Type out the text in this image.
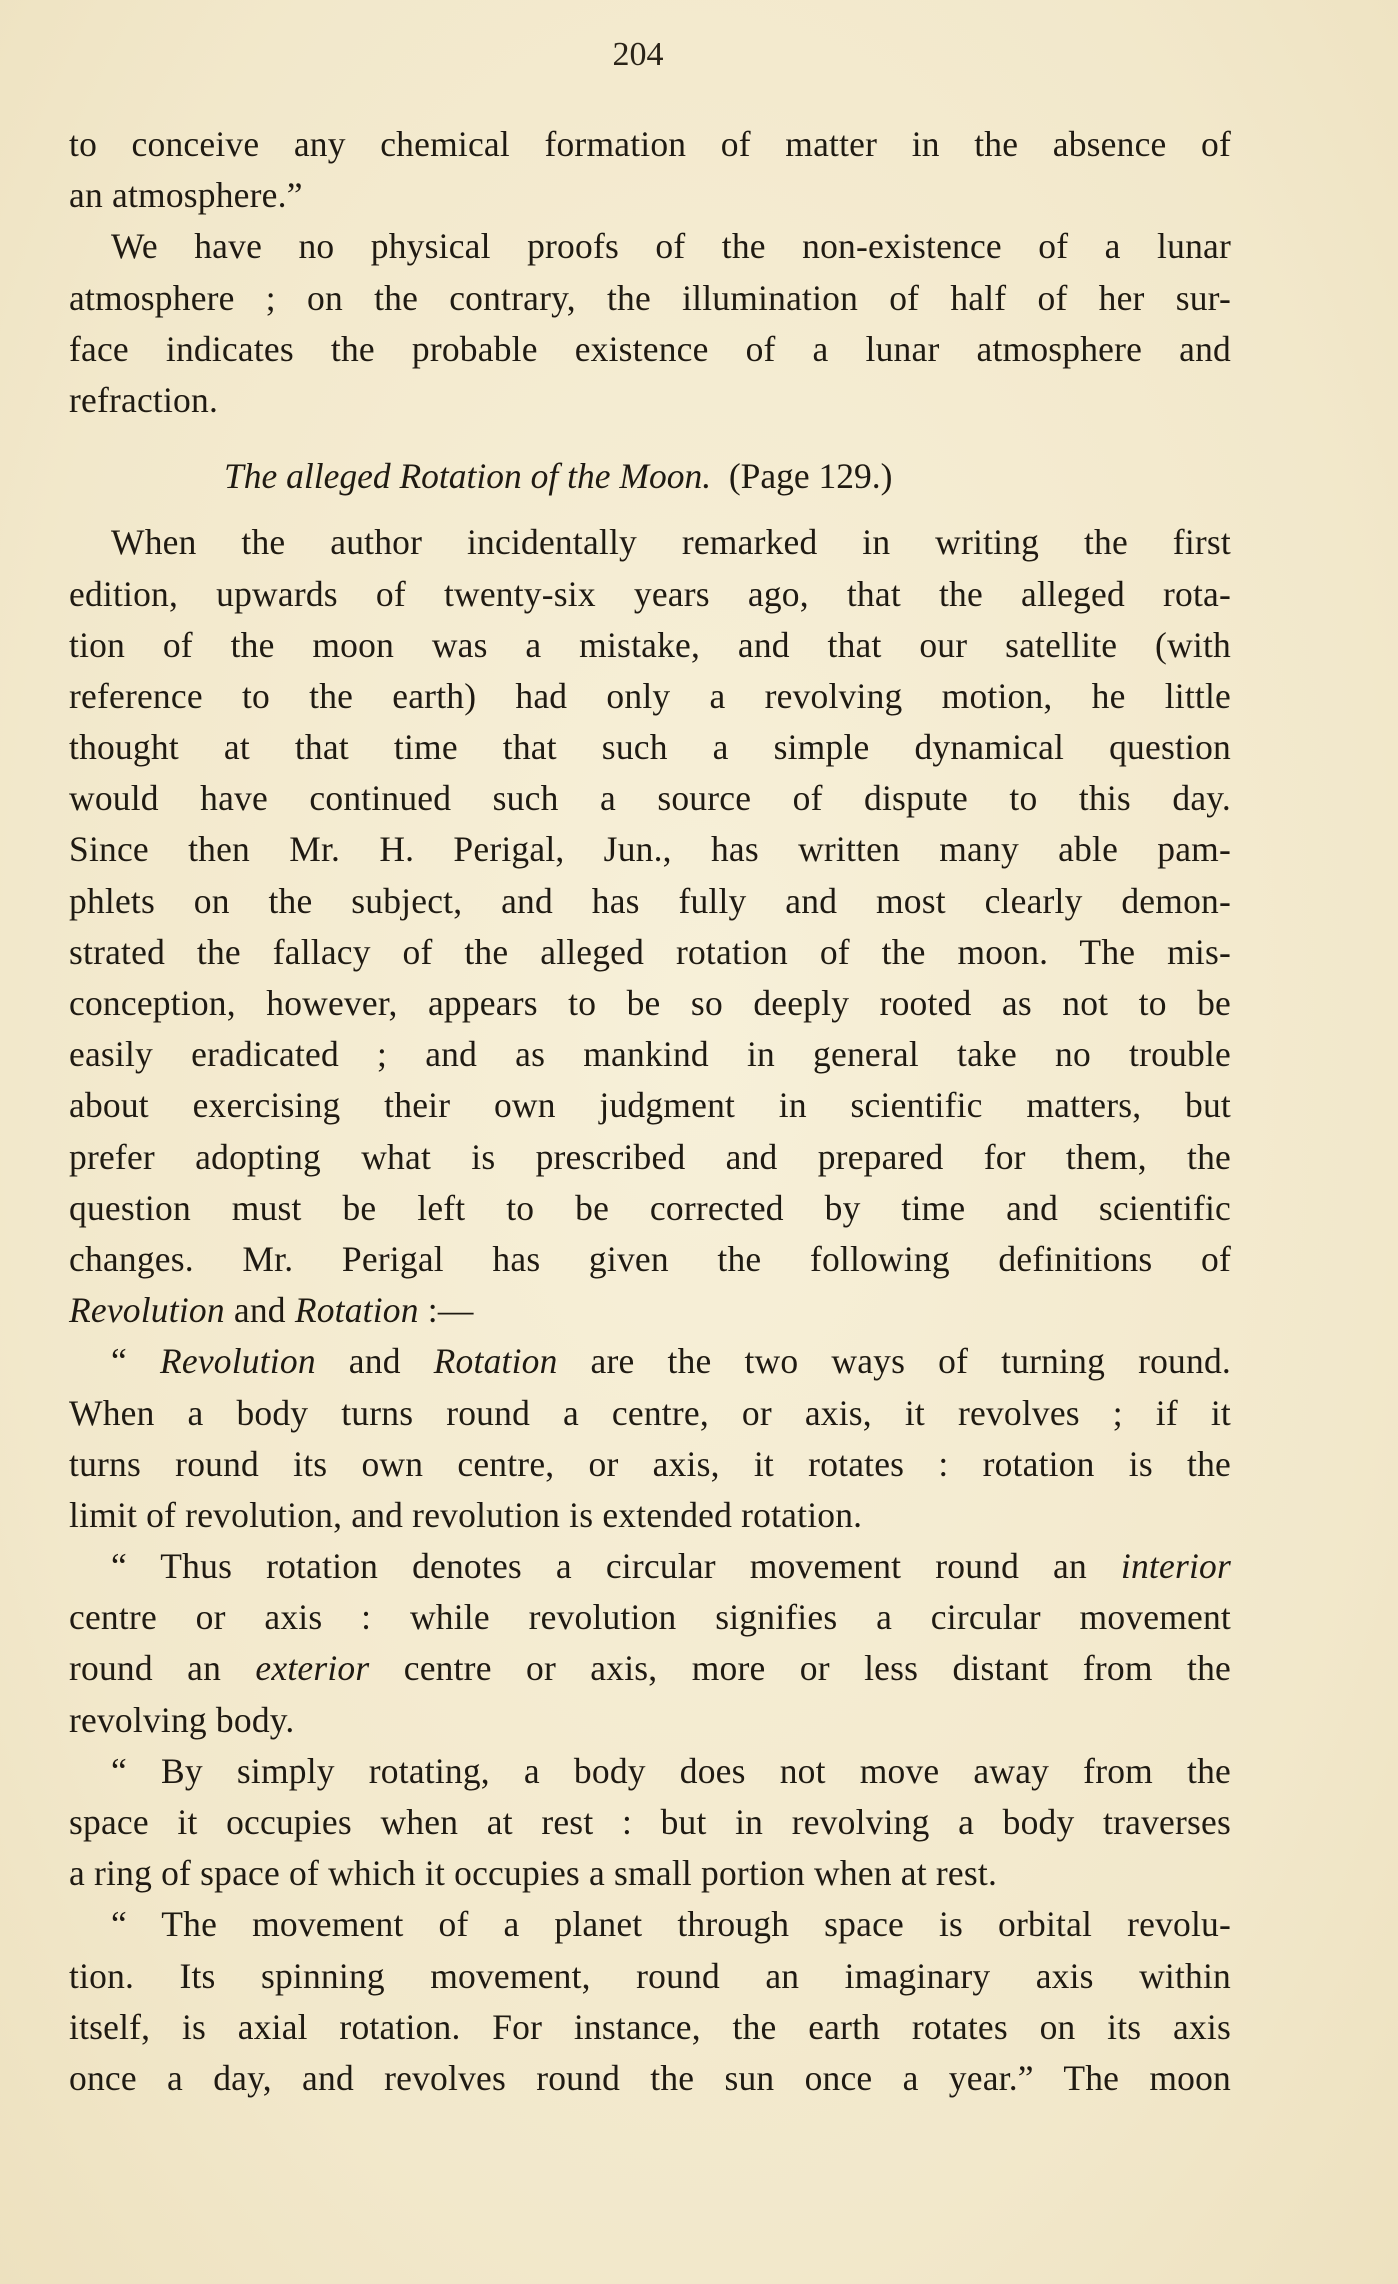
204
to conceive any chemical formation of matter in the absence of
an atmosphere.”
We have no physical proofs of the non-existence of a lunar
atmosphere ; on the contrary, the illumination of half of her sur-
face indicates the probable existence of a lunar atmosphere and
refraction.
The alleged Rotation of the Moon. (Page 129.)
When the author incidentally remarked in writing the first
edition, upwards of twenty-six years ago, that the alleged rota-
tion of the moon was a mistake, and that our satellite (with
reference to the earth) had only a revolving motion, he little
thought at that time that such a simple dynamical question
would have continued such a source of dispute to this day.
Since then Mr. H. Perigal, Jun., has written many able pam-
phlets on the subject, and has fully and most clearly demon-
strated the fallacy of the alleged rotation of the moon. The mis-
conception, however, appears to be so deeply rooted as not to be
easily eradicated ; and as mankind in general take no trouble
about exercising their own judgment in scientific matters, but
prefer adopting what is prescribed and prepared for them, the
question must be left to be corrected by time and scientific
changes. Mr. Perigal has given the following definitions of
Revolution and Rotation :—
“ Revolution and Rotation are the two ways of turning round.
When a body turns round a centre, or axis, it revolves ; if it
turns round its own centre, or axis, it rotates : rotation is the
limit of revolution, and revolution is extended rotation.
“ Thus rotation denotes a circular movement round an interior
centre or axis : while revolution signifies a circular movement
round an exterior centre or axis, more or less distant from the
revolving body.
“ By simply rotating, a body does not move away from the
space it occupies when at rest : but in revolving a body traverses
a ring of space of which it occupies a small portion when at rest.
“ The movement of a planet through space is orbital revolu-
tion. Its spinning movement, round an imaginary axis within
itself, is axial rotation. For instance, the earth rotates on its axis
once a day, and revolves round the sun once a year.” The moon
